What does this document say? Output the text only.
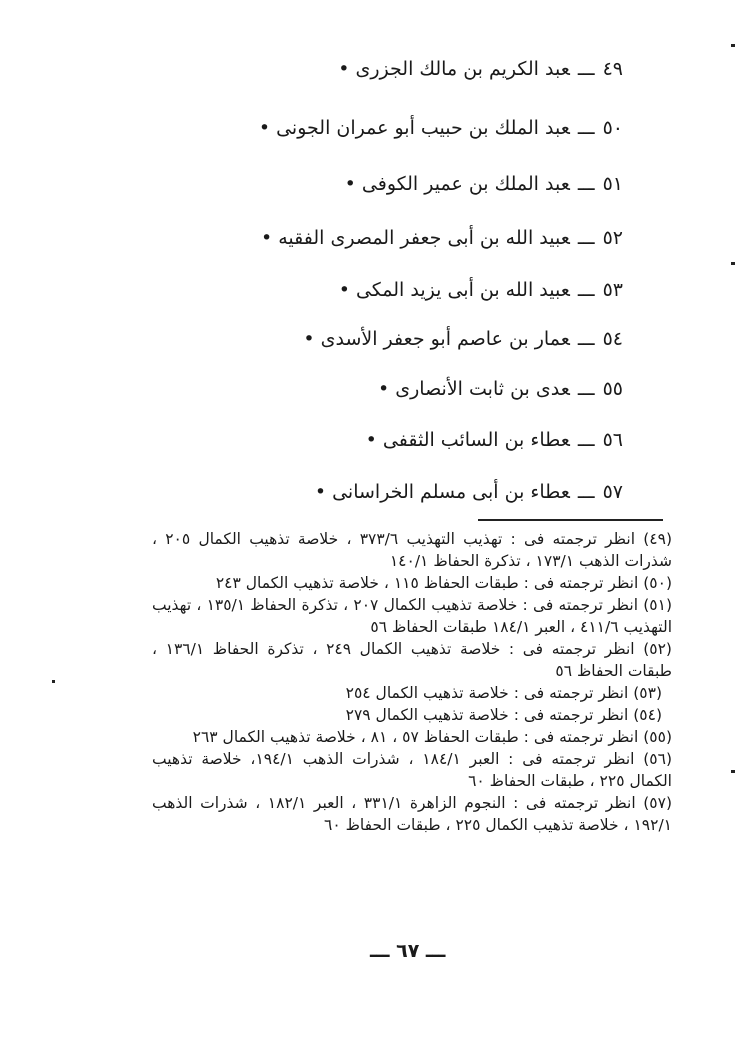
٤٩ـــعبد الكريم بن مالك الجزرى •
٥٠ـــعبد الملك بن حبيب أبو عمران الجونى •
٥١ـــعبد الملك بن عمير الكوفى •
٥٢ـــعبيد الله بن أبى جعفر المصرى الفقيه •
٥٣ـــعبيد الله بن أبى يزيد المكى •
٥٤ـــعمار بن عاصم أبو جعفر الأسدى •
٥٥ـــعدى بن ثابت الأنصارى •
٥٦ـــعطاء بن السائب الثقفى •
٥٧ـــعطاء بن أبى مسلم الخراسانى •

(٤٩) انظر ترجمته فى : تهذيب التهذيب ٣٧٣/٦ ، خلاصة تذهيب الكمال ٢٠٥ ، شذرات الذهب ١٧٣/١ ، تذكرة الحفاظ ١٤٠/١

(٥٠) انظر ترجمته فى : طبقات الحفاظ ١١٥ ، خلاصة تذهيب الكمال ٢٤٣

(٥١) انظر ترجمته فى : خلاصة تذهيب الكمال ٢٠٧ ، تذكرة الحفاظ ١٣٥/١ ، تهذيب التهذيب ٤١١/٦ ، العبر ١٨٤/١ طبقات الحفاظ ٥٦

(٥٢) انظر ترجمته فى : خلاصة تذهيب الكمال ٢٤٩ ، تذكرة الحفاظ ١٣٦/١ ، طبقات الحفاظ ٥٦

(٥٣) انظر ترجمته فى : خلاصة تذهيب الكمال ٢٥٤

(٥٤) انظر ترجمته فى : خلاصة تذهيب الكمال ٢٧٩

(٥٥) انظر ترجمته فى : طبقات الحفاظ ٥٧ ، ٨١ ، خلاصة تذهيب الكمال ٢٦٣

(٥٦) انظر ترجمته فى : العبر ١٨٤/١ ، شذرات الذهب ١٩٤/١، خلاصة تذهيب الكمال ٢٢٥ ، طبقات الحفاظ ٦٠

(٥٧) انظر ترجمته فى : النجوم الزاهرة ٣٣١/١ ، العبر ١٨٢/١ ، شذرات الذهب ١٩٢/١ ، خلاصة تذهيب الكمال ٢٢٥ ، طبقات الحفاظ ٦٠

ـــ ٦٧ ـــ
